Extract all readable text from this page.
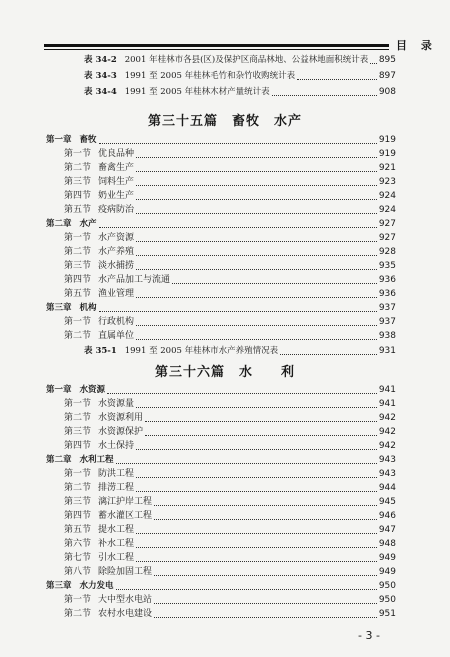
目 录
表 34-2 2001 年桂林市各县(区)及保护区商品林地、公益林地面积统计表 895
表 34-3 1991 至 2005 年桂林毛竹和杂竹收购统计表	897
表 34-4 1991 至 2005 年桂林木材产量统计表	908
第三十五篇　畜牧　水产
第一章 畜牧	919
第一节 优良品种	919
第二节 畜禽生产	921
第三节 饲料生产	923
第四节 奶业生产	924
第五节 疫病防治	924
第二章 水产	927
第一节 水产资源	927
第二节 水产养殖	928
第三节 淡水捕捞	935
第四节 水产品加工与流通	936
第五节 渔业管理	936
第三章 机构	937
第一节 行政机构	937
第二节 直属单位	938
表 35-1 1991 至 2005 年桂林市水产养殖情况表	931
第三十六篇　水　　利
第一章 水资源	941
第一节 水资源量	941
第二节 水资源利用	942
第三节 水资源保护	942
第四节 水土保持	942
第二章 水利工程	943
第一节 防洪工程	943
第二节 排涝工程	944
第三节 漓江护岸工程	945
第四节 蓄水灌区工程	946
第五节 提水工程	947
第六节 补水工程	948
第七节 引水工程	949
第八节 除险加固工程	949
第三章 水力发电	950
第一节 大中型水电站	950
第二节 农村水电建设	951
- 3 -
